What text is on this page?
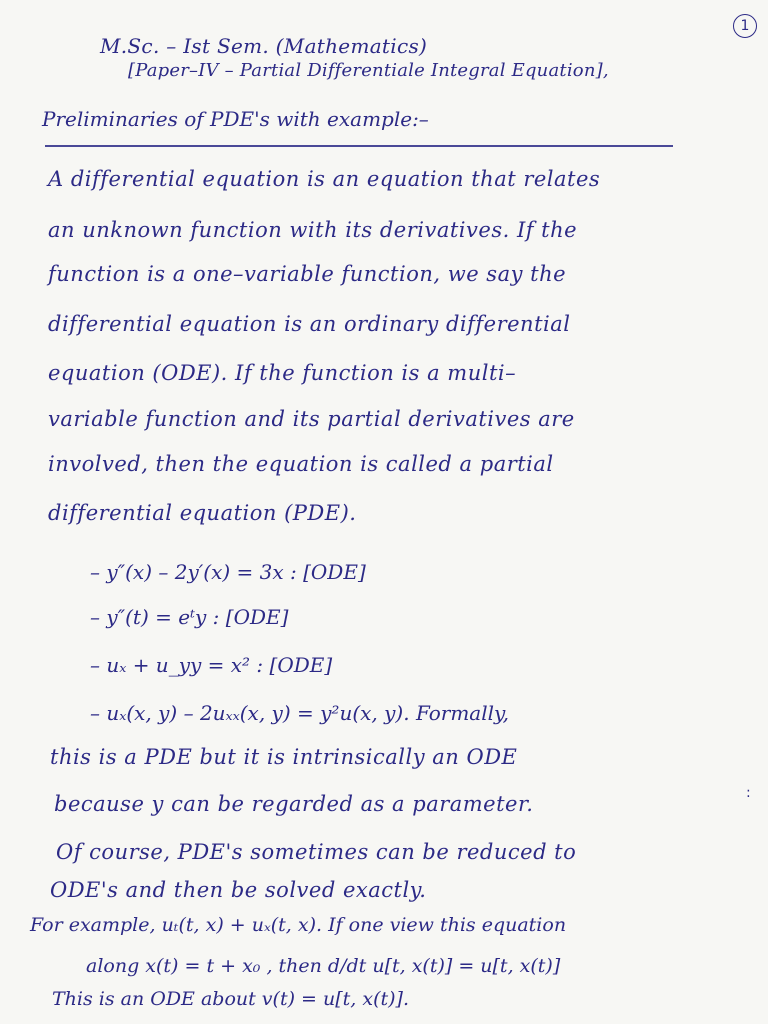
1
M.Sc. – Ist Sem. (Mathematics)
[Paper–IV – Partial Differentiale Integral Equation],
Preliminaries of PDE's with example:–
A differential equation is an equation that relates
an unknown function with its derivatives. If the
function is a one–variable function, we say the
differential equation is an ordinary differential
equation (ODE). If the function is a multi–
variable function and its partial derivatives are
involved, then the equation is called a partial
differential equation (PDE).
– y″(x) – 2y′(x) = 3x : [ODE]
– y″(t) = eᵗy : [ODE]
– uₓ + u_yy = x² : [ODE]
– uₓ(x, y) – 2uₓₓ(x, y) = y²u(x, y). Formally,
this is a PDE but it is intrinsically an ODE
because y can be regarded as a parameter.
Of course, PDE's sometimes can be reduced to
ODE's and then be solved exactly.
For example, uₜ(t, x) + uₓ(t, x). If one view this equation
along x(t) = t + x₀ , then d/dt u[t, x(t)] = u[t, x(t)]
This is an ODE about v(t) = u[t, x(t)].
:
